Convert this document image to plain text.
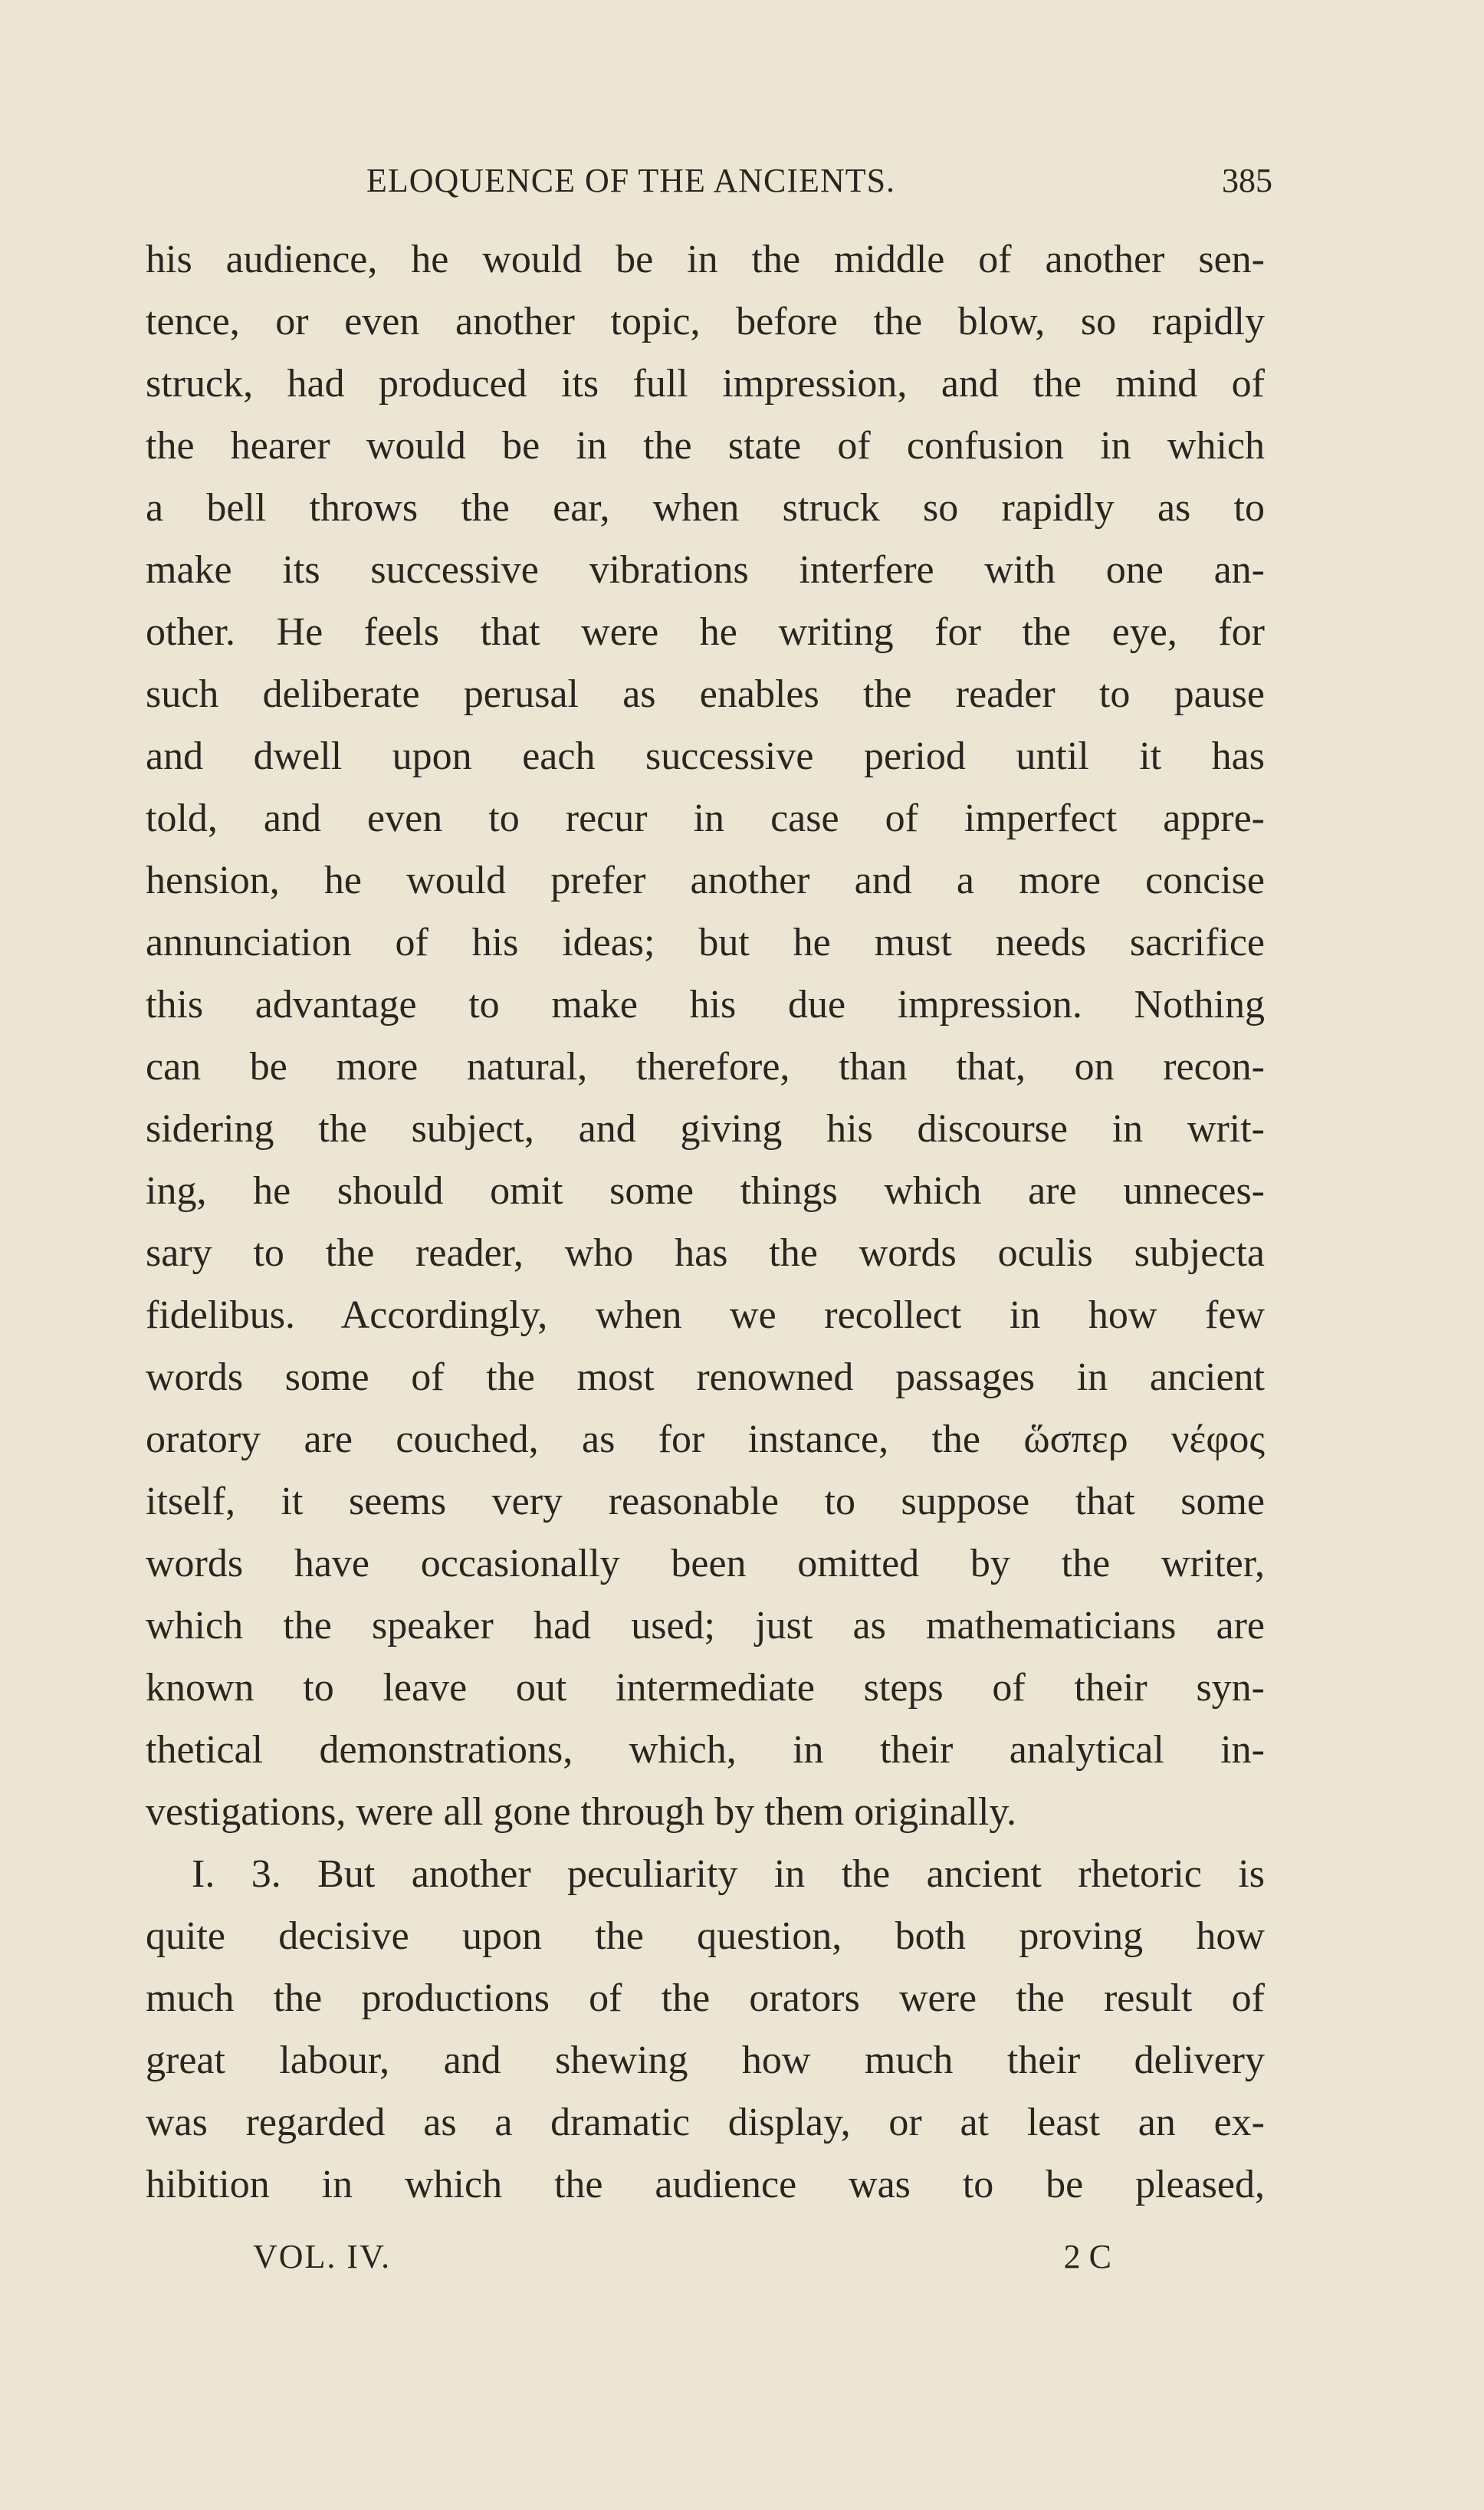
ELOQUENCE OF THE ANCIENTS.	385
his audience, he would be in the middle of another sen-
tence, or even another topic, before the blow, so rapidly
struck, had produced its full impression, and the mind of
the hearer would be in the state of confusion in which
a bell throws the ear, when struck so rapidly as to
make its successive vibrations interfere with one an-
other. He feels that were he writing for the eye, for
such deliberate perusal as enables the reader to pause
and dwell upon each successive period until it has
told, and even to recur in case of imperfect appre-
hension, he would prefer another and a more concise
annunciation of his ideas; but he must needs sacrifice
this advantage to make his due impression. Nothing
can be more natural, therefore, than that, on recon-
sidering the subject, and giving his discourse in writ-
ing, he should omit some things which are unneces-
sary to the reader, who has the words oculis subjecta
fidelibus. Accordingly, when we recollect in how few
words some of the most renowned passages in ancient
oratory are couched, as for instance, the ὥσπερ νέφος
itself, it seems very reasonable to suppose that some
words have occasionally been omitted by the writer,
which the speaker had used; just as mathematicians are
known to leave out intermediate steps of their syn-
thetical demonstrations, which, in their analytical in-
vestigations, were all gone through by them originally.
I. 3. But another peculiarity in the ancient rhetoric is
quite decisive upon the question, both proving how
much the productions of the orators were the result of
great labour, and shewing how much their delivery
was regarded as a dramatic display, or at least an ex-
hibition in which the audience was to be pleased,
VOL. IV.	2 C
